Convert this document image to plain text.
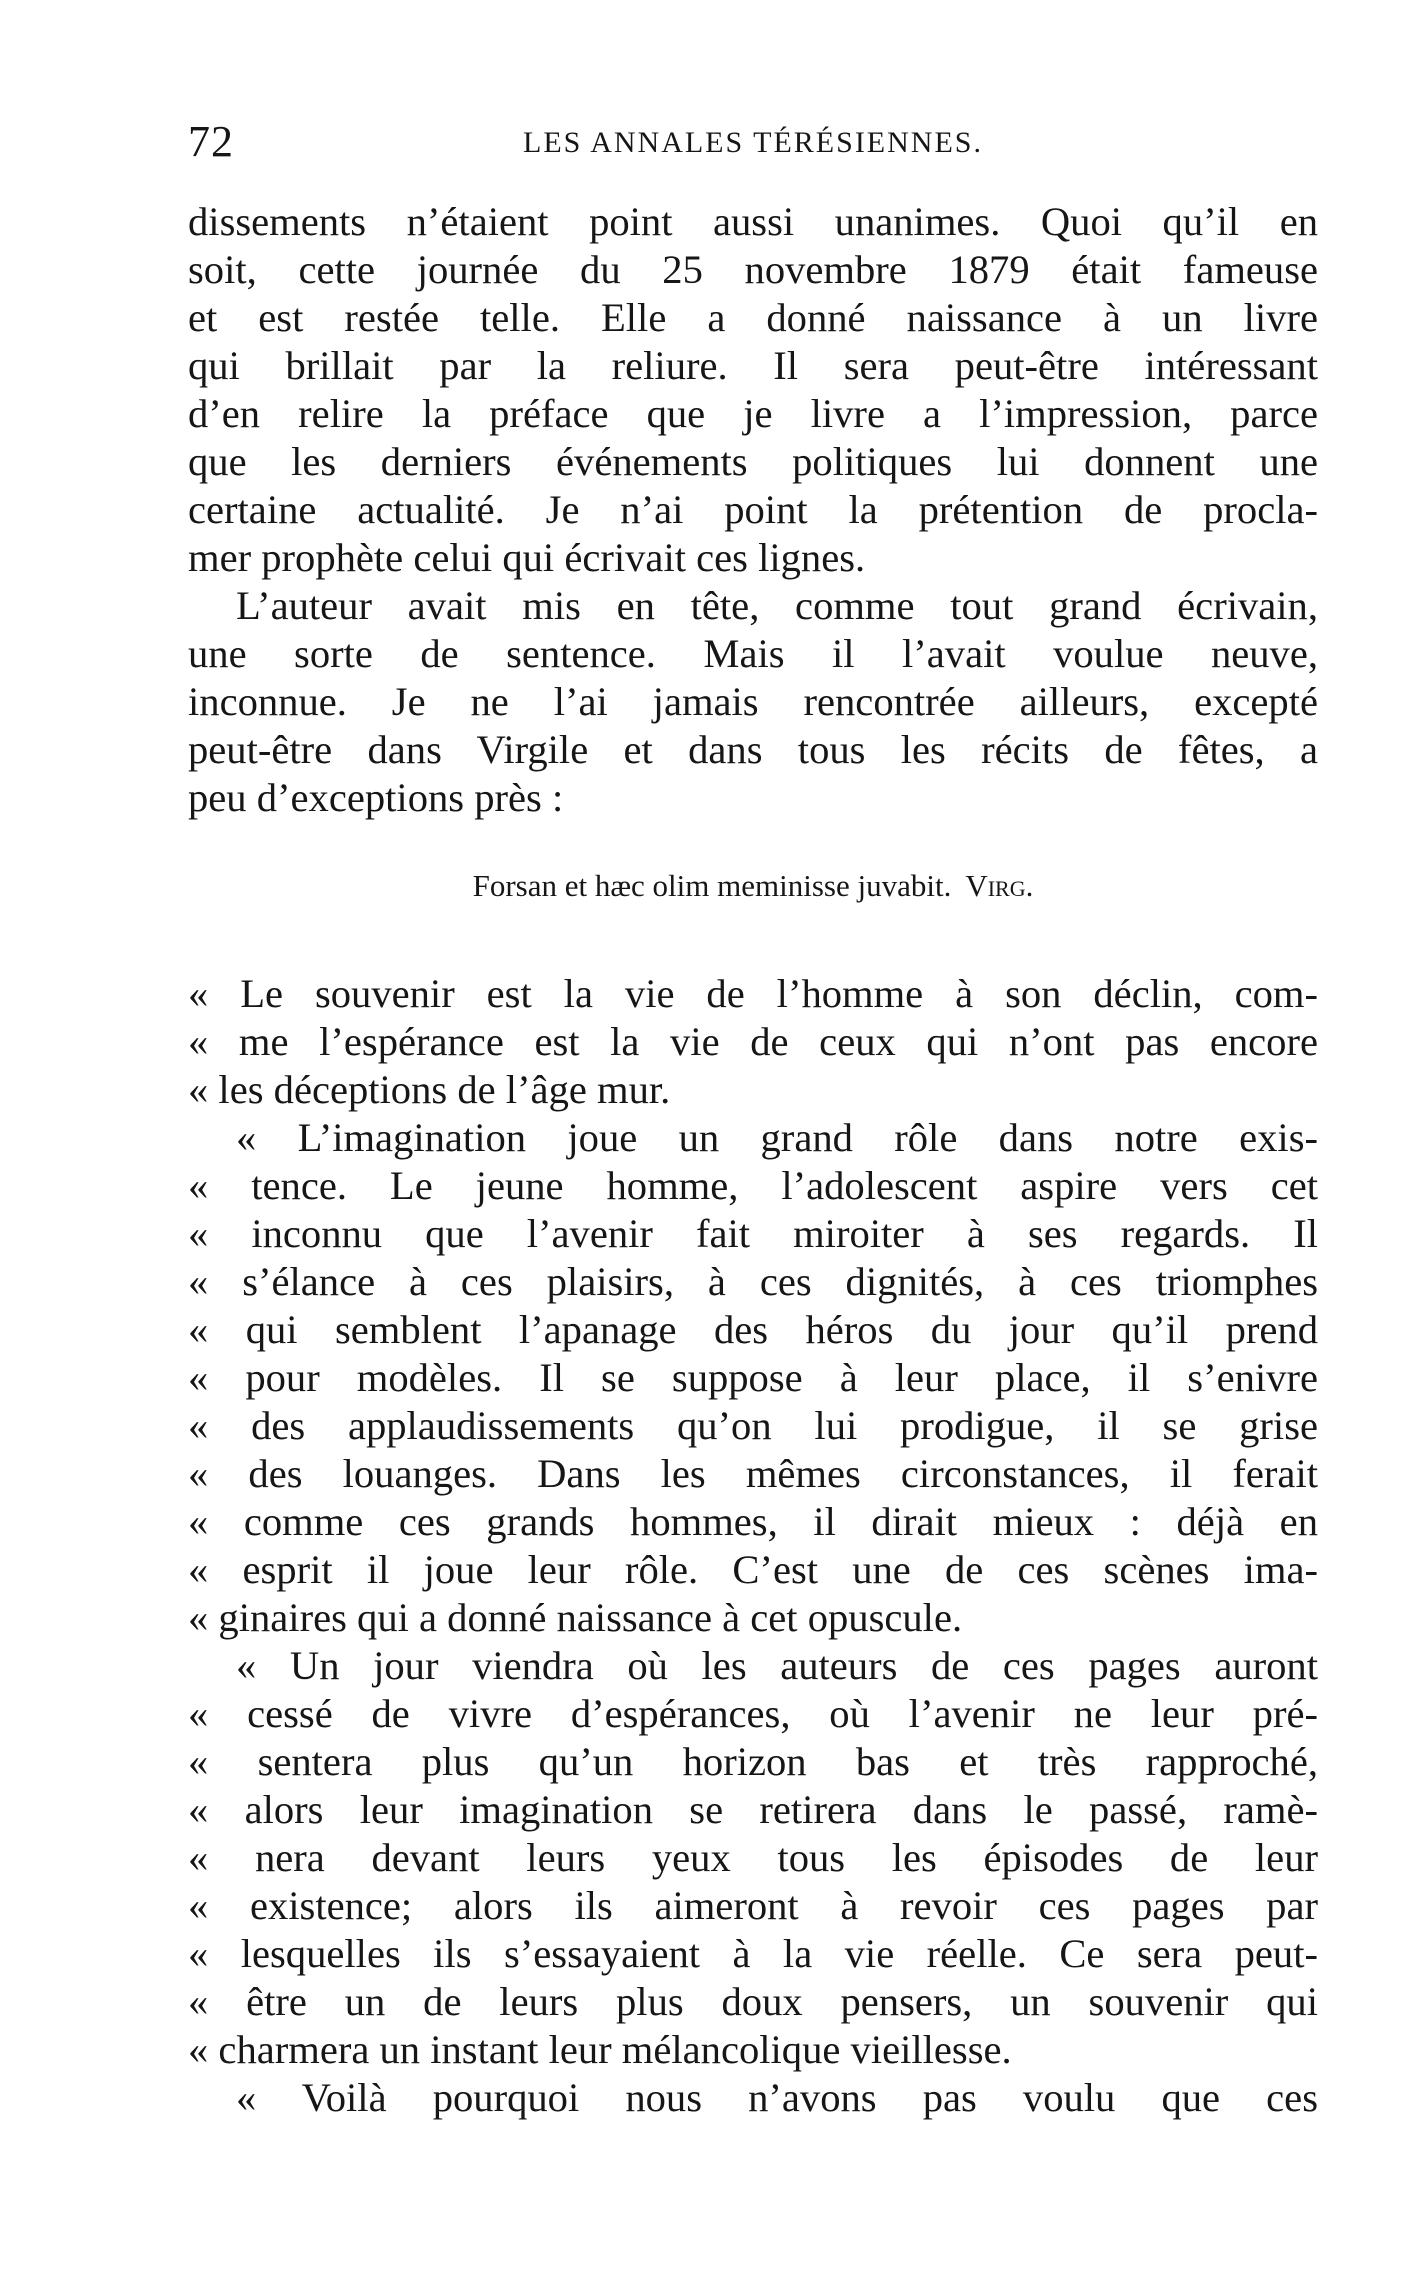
72	LES ANNALES TÉRÉSIENNES.
dissements n’étaient point aussi unanimes. Quoi qu’il en
soit, cette journée du 25 novembre 1879 était fameuse
et est restée telle. Elle a donné naissance à un livre
qui brillait par la reliure. Il sera peut-être intéressant
d’en relire la préface que je livre a l’impression, parce
que les derniers événements politiques lui donnent une
certaine actualité. Je n’ai point la prétention de procla-
mer prophète celui qui écrivait ces lignes.
L’auteur avait mis en tête, comme tout grand écrivain,
une sorte de sentence. Mais il l’avait voulue neuve,
inconnue. Je ne l’ai jamais rencontrée ailleurs, excepté
peut-être dans Virgile et dans tous les récits de fêtes, a
peu d’exceptions près :
Forsan et hæc olim meminisse juvabit. Virg.
« Le souvenir est la vie de l’homme à son déclin, com-
« me l’espérance est la vie de ceux qui n’ont pas encore
« les déceptions de l’âge mur.
« L’imagination joue un grand rôle dans notre exis-
« tence. Le jeune homme, l’adolescent aspire vers cet
« inconnu que l’avenir fait miroiter à ses regards. Il
« s’élance à ces plaisirs, à ces dignités, à ces triomphes
« qui semblent l’apanage des héros du jour qu’il prend
« pour modèles. Il se suppose à leur place, il s’enivre
« des applaudissements qu’on lui prodigue, il se grise
« des louanges. Dans les mêmes circonstances, il ferait
« comme ces grands hommes, il dirait mieux : déjà en
« esprit il joue leur rôle. C’est une de ces scènes ima-
« ginaires qui a donné naissance à cet opuscule.
« Un jour viendra où les auteurs de ces pages auront
« cessé de vivre d’espérances, où l’avenir ne leur pré-
« sentera plus qu’un horizon bas et très rapproché,
« alors leur imagination se retirera dans le passé, ramè-
« nera devant leurs yeux tous les épisodes de leur
« existence; alors ils aimeront à revoir ces pages par
« lesquelles ils s’essayaient à la vie réelle. Ce sera peut-
« être un de leurs plus doux pensers, un souvenir qui
« charmera un instant leur mélancolique vieillesse.
« Voilà pourquoi nous n’avons pas voulu que ces
